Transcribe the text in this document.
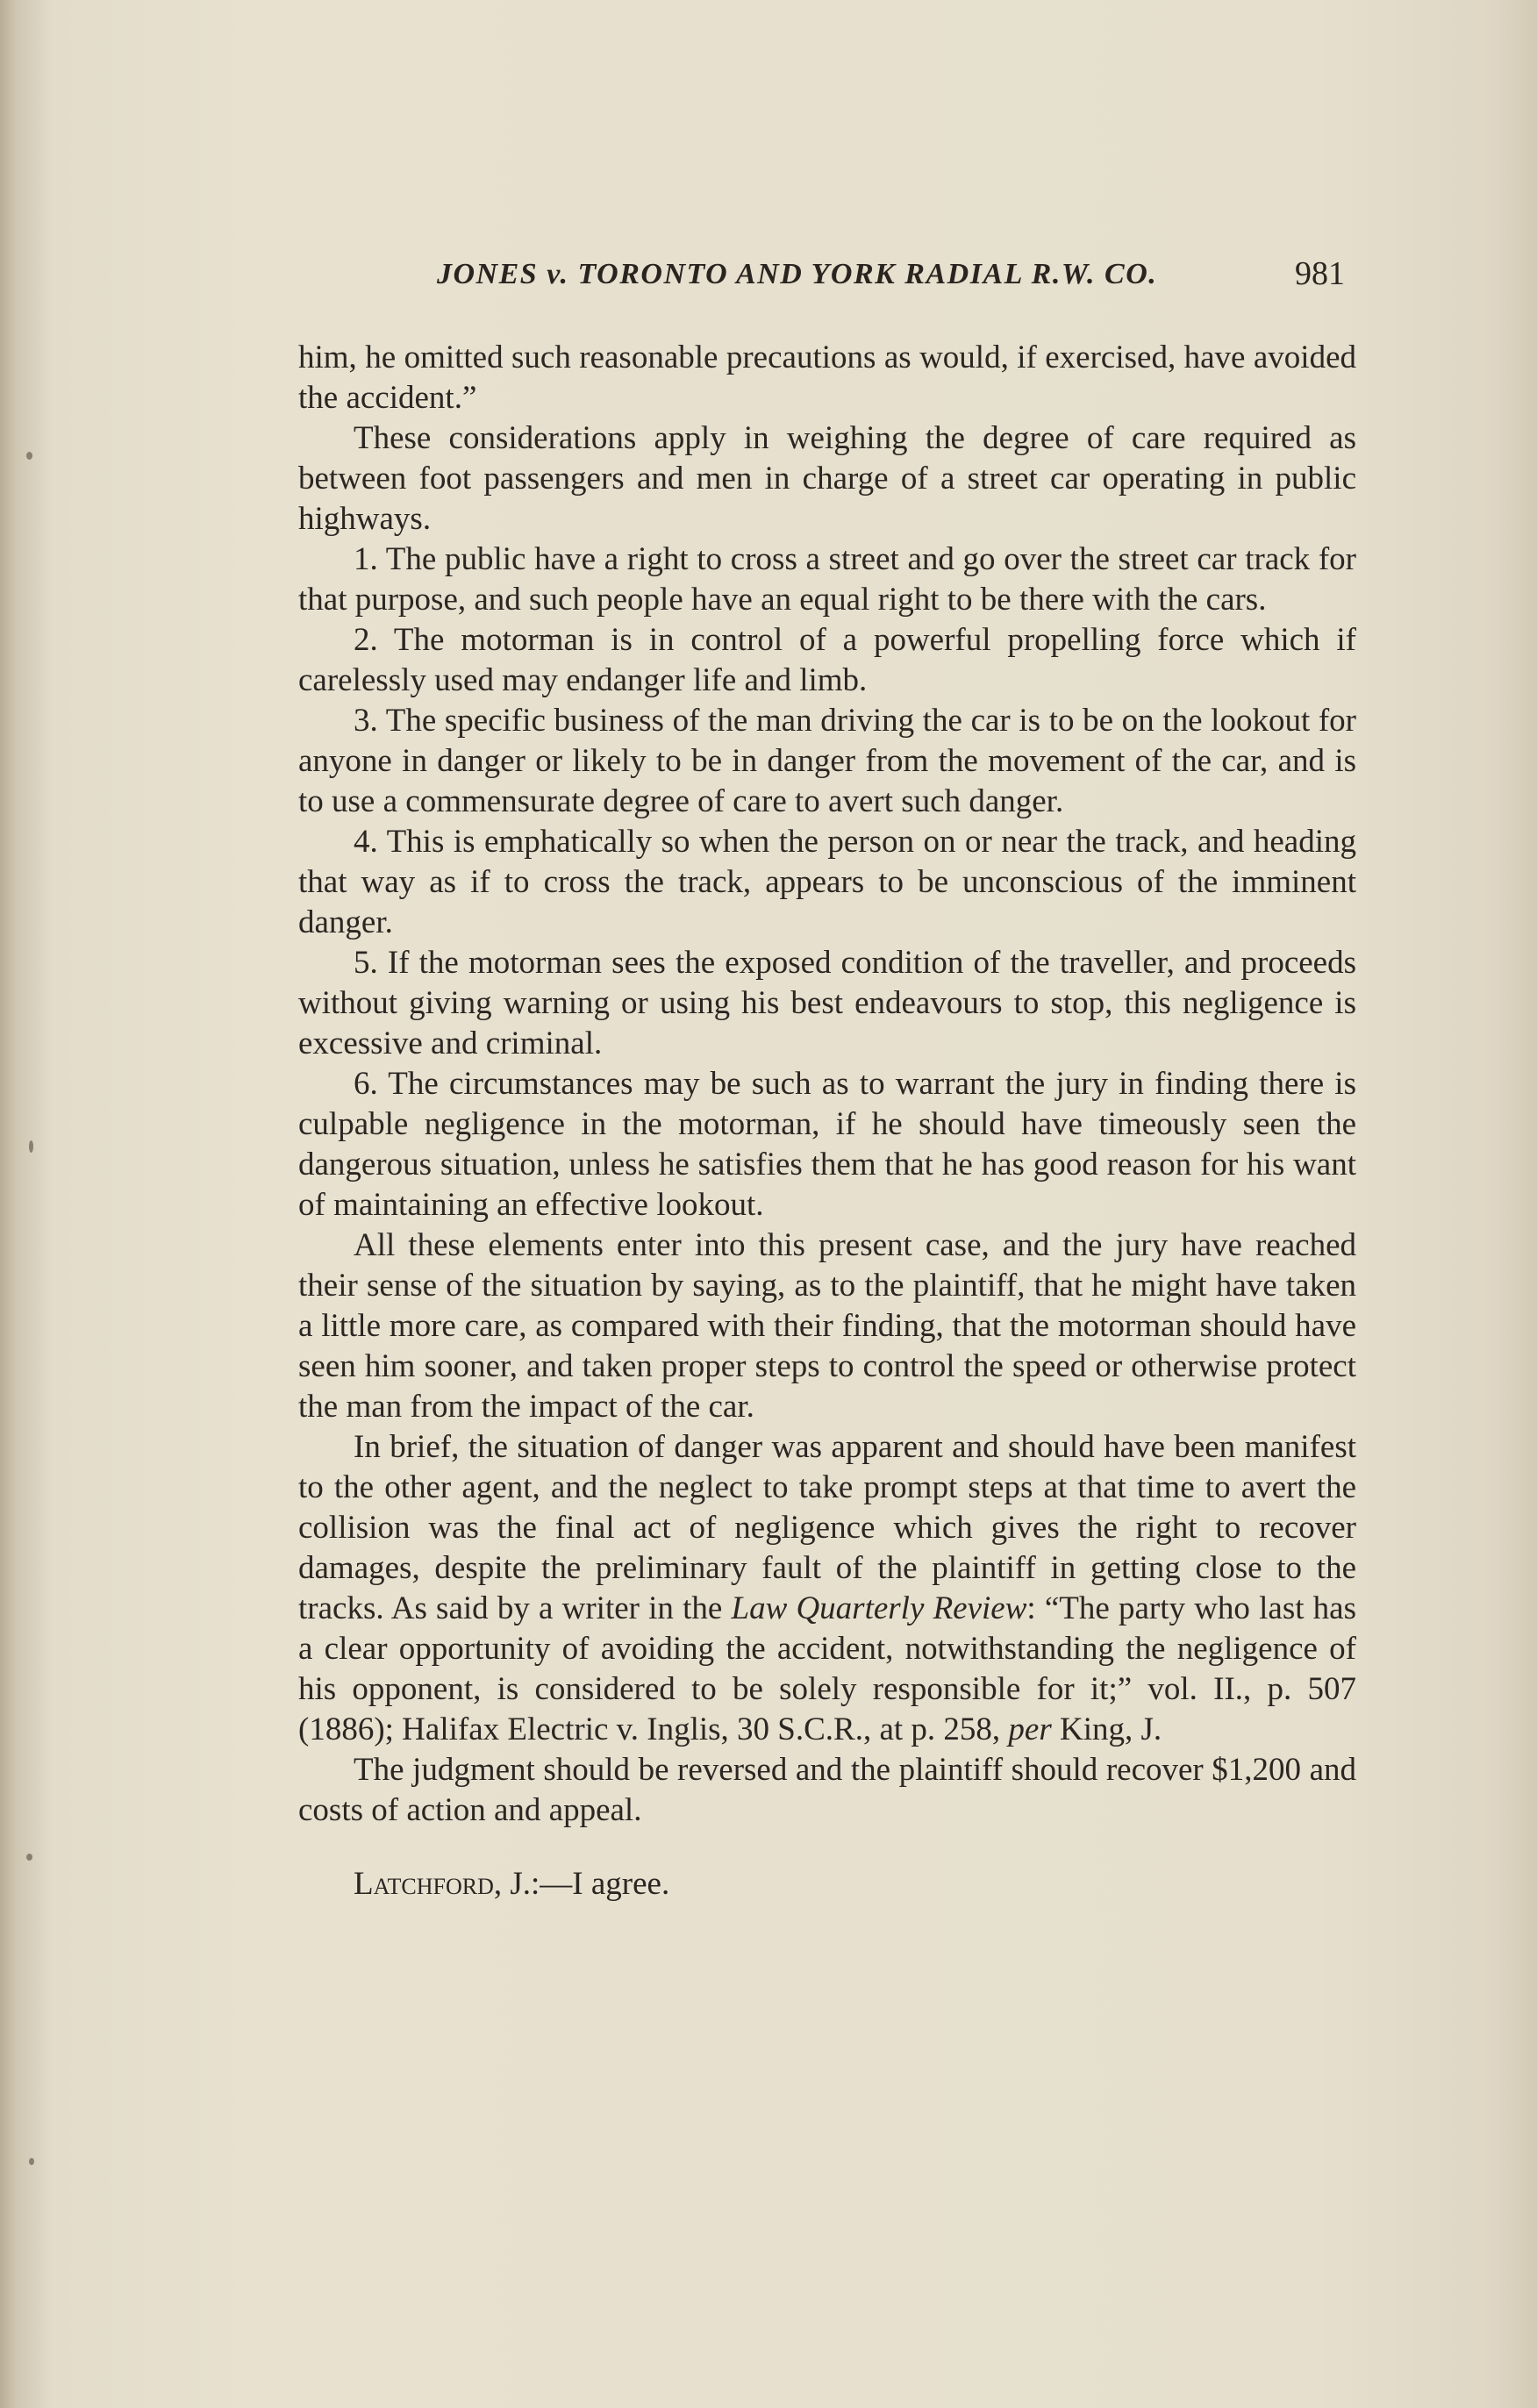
JONES v. TORONTO AND YORK RADIAL R.W. CO.	981

him, he omitted such reasonable precautions as would, if exercised, have avoided the accident.”

These considerations apply in weighing the degree of care required as between foot passengers and men in charge of a street car operating in public highways.

1. The public have a right to cross a street and go over the street car track for that purpose, and such people have an equal right to be there with the cars.

2. The motorman is in control of a powerful propelling force which if carelessly used may endanger life and limb.

3. The specific business of the man driving the car is to be on the lookout for anyone in danger or likely to be in danger from the movement of the car, and is to use a commensurate degree of care to avert such danger.

4. This is emphatically so when the person on or near the track, and heading that way as if to cross the track, appears to be unconscious of the imminent danger.

5. If the motorman sees the exposed condition of the traveller, and proceeds without giving warning or using his best endeavours to stop, this negligence is excessive and criminal.

6. The circumstances may be such as to warrant the jury in finding there is culpable negligence in the motorman, if he should have timeously seen the dangerous situation, unless he satisfies them that he has good reason for his want of maintaining an effective lookout.

All these elements enter into this present case, and the jury have reached their sense of the situation by saying, as to the plaintiff, that he might have taken a little more care, as compared with their finding, that the motorman should have seen him sooner, and taken proper steps to control the speed or otherwise protect the man from the impact of the car.

In brief, the situation of danger was apparent and should have been manifest to the other agent, and the neglect to take prompt steps at that time to avert the collision was the final act of negligence which gives the right to recover damages, despite the preliminary fault of the plaintiff in getting close to the tracks. As said by a writer in the Law Quarterly Review: “The party who last has a clear opportunity of avoiding the accident, notwithstanding the negligence of his opponent, is considered to be solely responsible for it;” vol. II., p. 507 (1886); Halifax Electric v. Inglis, 30 S.C.R., at p. 258, per King, J.

The judgment should be reversed and the plaintiff should recover $1,200 and costs of action and appeal.

Latchford, J.:—I agree.
